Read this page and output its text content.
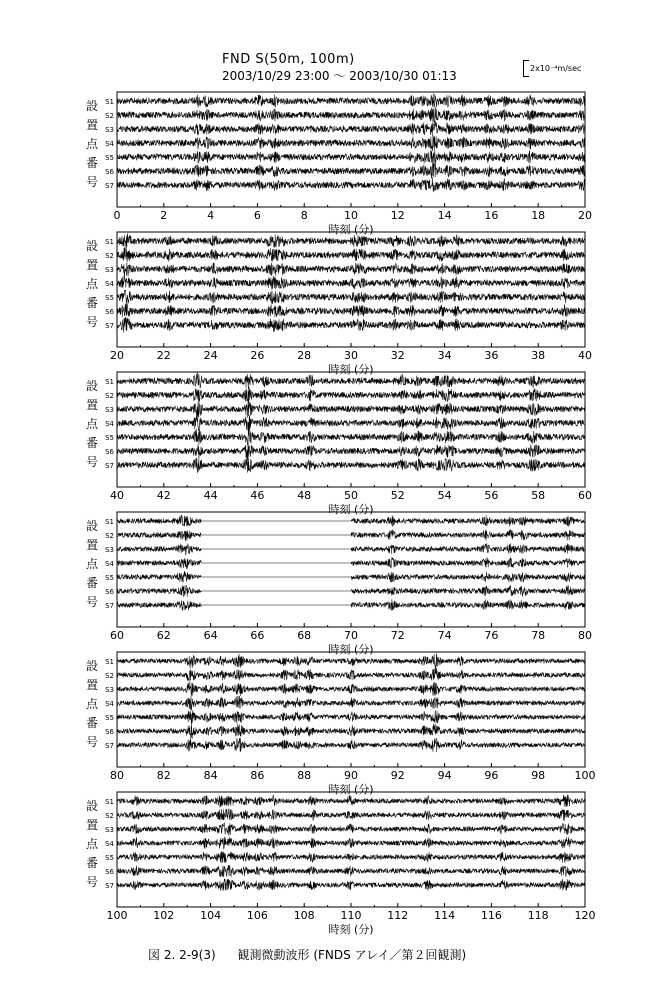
FND S(50m, 100m)
2003/10/29 23:00 ～ 2003/10/30 01:13
2x10⁻⁴m/sec
設置点番号
S1
S2
S3
S4
S5
S6
S7
0	2	4	6	8	10	12	14	16	18	20
時刻 (分)
設置点番号
S1
S2
S3
S4
S5
S6
S7
20	22	24	26	28	30	32	34	36	38	40
時刻 (分)
設置点番号
S1
S2
S3
S4
S5
S6
S7
40	42	44	46	48	50	52	54	56	58	60
時刻 (分)
設置点番号
S1
S2
S3
S4
S5
S6
S7
60	62	64	66	68	70	72	74	76	78	80
時刻 (分)
設置点番号
S1
S2
S3
S4
S5
S6
S7
80	82	84	86	88	90	92	94	96	98	100
時刻 (分)
設置点番号
S1
S2
S3
S4
S5
S6
S7
100 102 104 106 108 110 112 114 116 118 120
時刻 (分)
図 2. 2-9(3) 観測微動波形 (FNDS アレイ／第２回観測)
